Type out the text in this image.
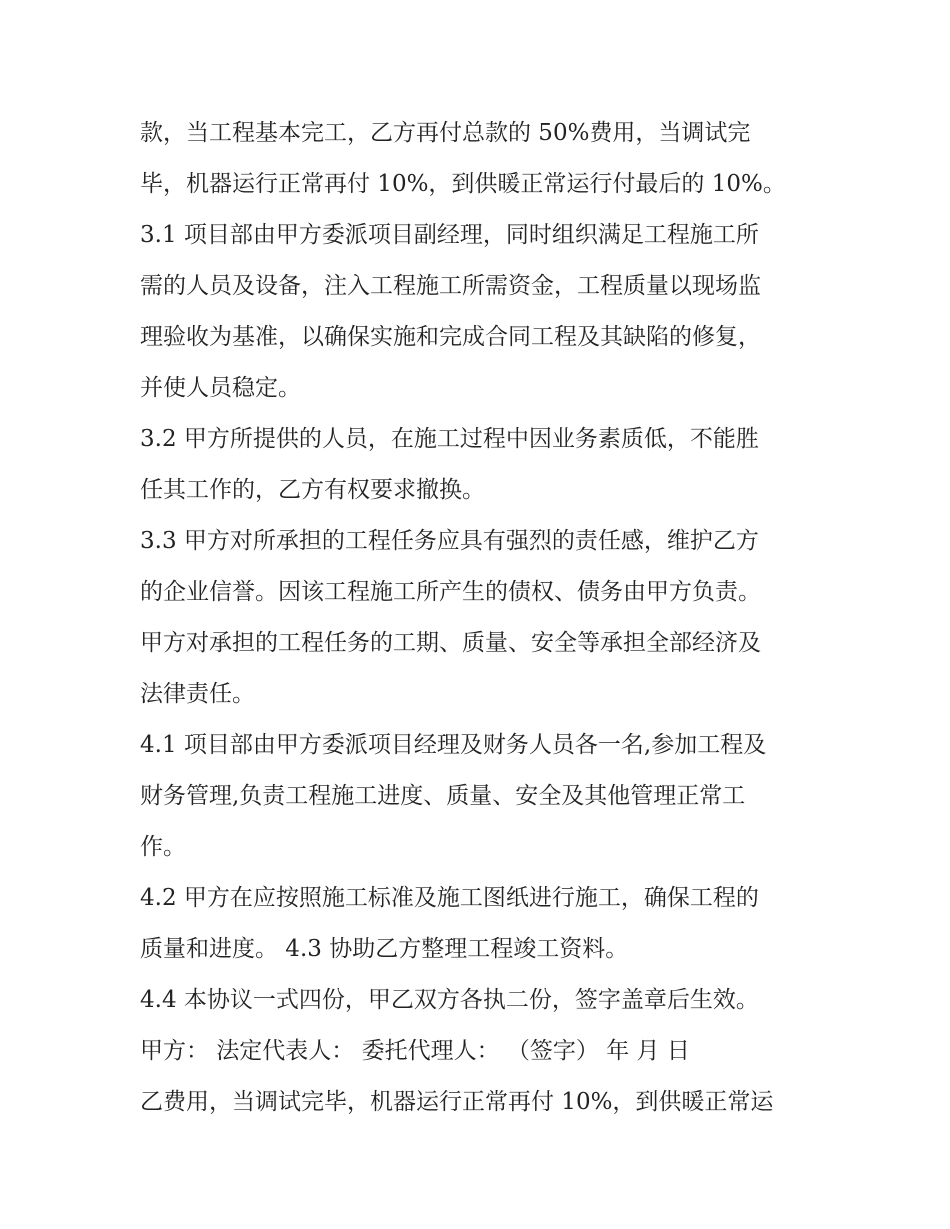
款，当工程基本完工，乙方再付总款的 50%费用，当调试完

毕，机器运行正常再付 10%，到供暖正常运行付最后的 10%。

3.1 项目部由甲方委派项目副经理，同时组织满足工程施工所

需的人员及设备，注入工程施工所需资金，工程质量以现场监

理验收为基准，以确保实施和完成合同工程及其缺陷的修复，

并使人员稳定。

3.2 甲方所提供的人员，在施工过程中因业务素质低，不能胜

任其工作的，乙方有权要求撤换。

3.3 甲方对所承担的工程任务应具有强烈的责任感，维护乙方

的企业信誉。因该工程施工所产生的债权、债务由甲方负责。

甲方对承担的工程任务的工期、质量、安全等承担全部经济及

法律责任。

4.1 项目部由甲方委派项目经理及财务人员各一名,参加工程及

财务管理,负责工程施工进度、质量、安全及其他管理正常工

作。

4.2 甲方在应按照施工标准及施工图纸进行施工，确保工程的

质量和进度。 4.3 协助乙方整理工程竣工资料。

4.4 本协议一式四份，甲乙双方各执二份，签字盖章后生效。

甲方： 法定代表人： 委托代理人： （签字） 年 月 日

乙费用，当调试完毕，机器运行正常再付 10%，到供暖正常运
